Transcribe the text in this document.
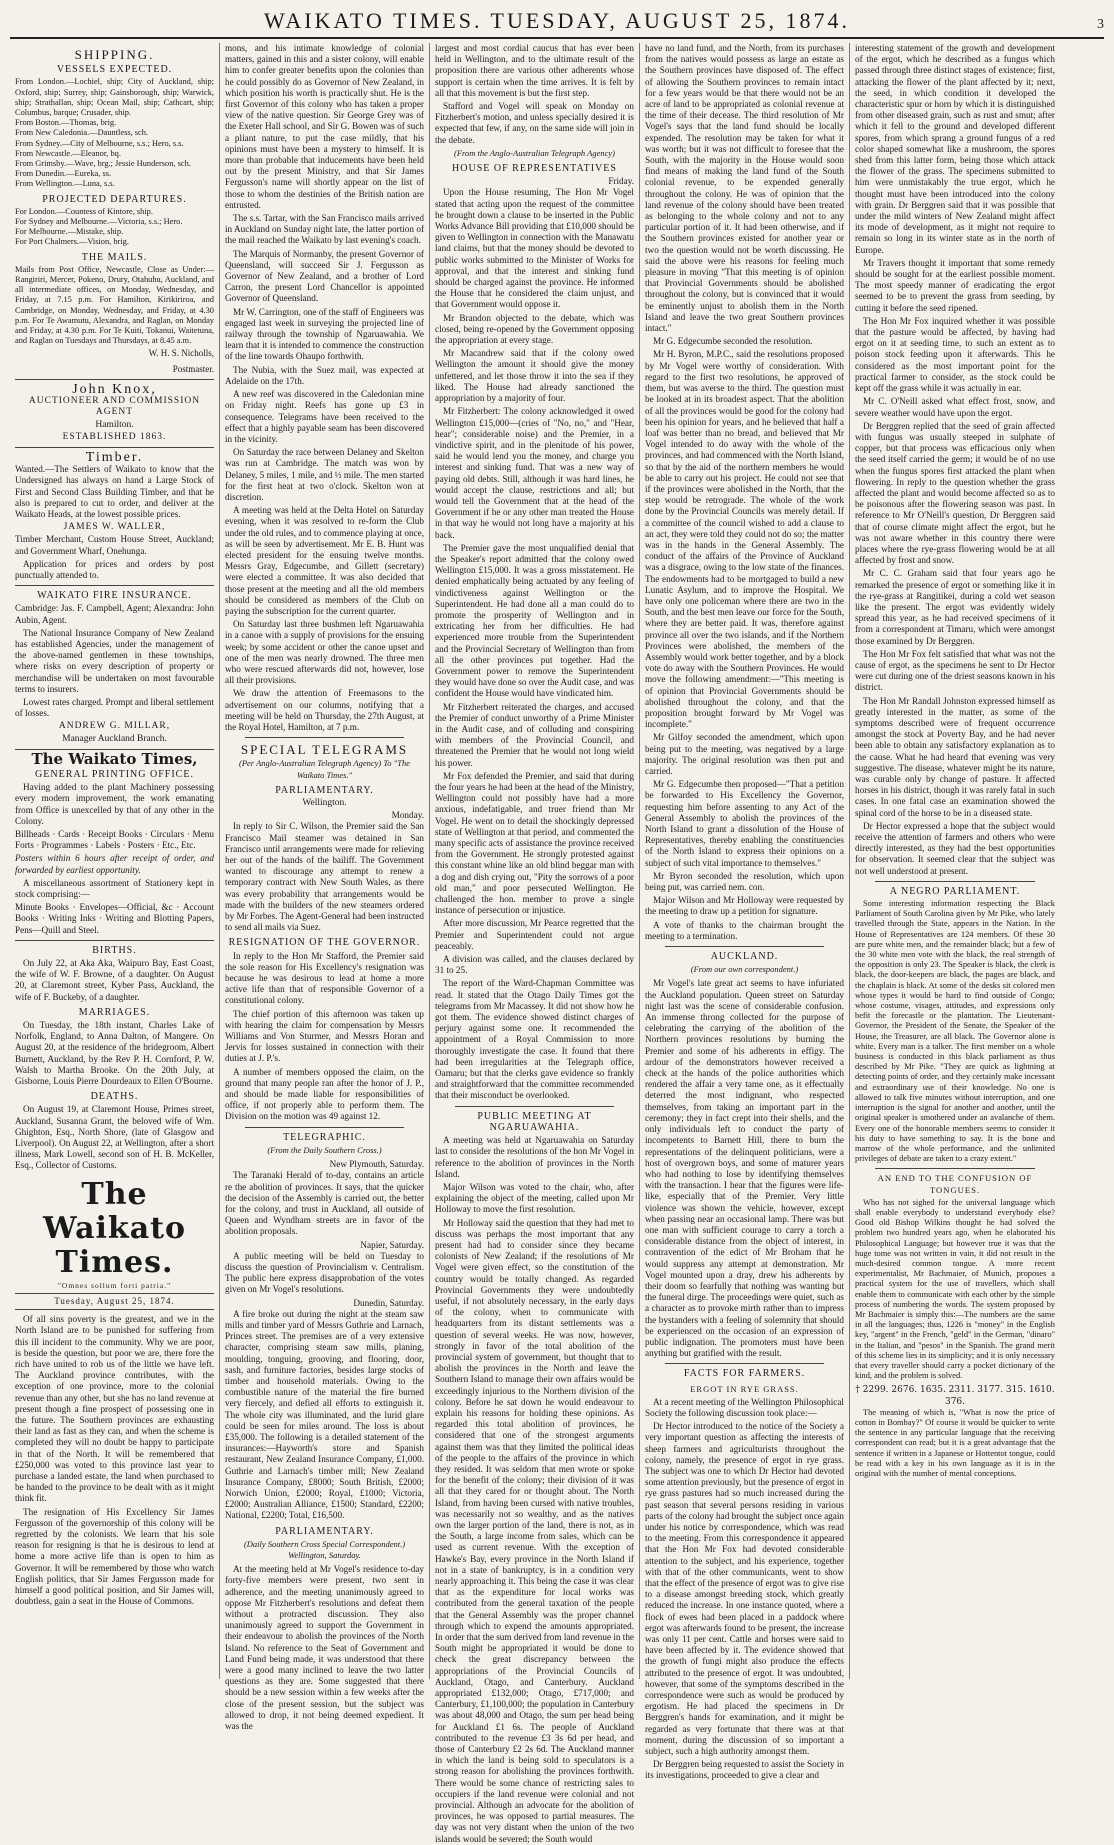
WAIKATO TIMES. TUESDAY, AUGUST 25, 1874.	3
SHIPPING.
VESSELS EXPECTED.
From London.—Lochiel, ship; City of Auckland, ship; Oxford, ship; Surrey, ship; Gainsborough, ship; Warwick, ship; Strathallan, ship; Ocean Mail, ship; Cathcart, ship; Columbus, barque; Crusader, ship.
From Boston.—Thomas, brig.
From New Caledonia.—Dauntless, sch.
From Sydney.—City of Melbourne, s.s.; Hero, s.s.
From Newcastle.—Eleanor, bq.
From Grimsby.—Wave, brg.; Jessie Hunderson, sch.
From Dunedin.—Eureka, ss.
From Wellington.—Luna, s.s.
PROJECTED DEPARTURES.
For London.—Countess of Kintore, ship.
For Sydney and Melbourne.—Victoria, s.s.; Hero.
For Melbourne.—Mistake, ship.
For Port Chalmers.—Vision, brig.
THE MAILS.

Mails from Post Office, Newcastle, Close as Under:— Rangiriri, Mercer, Pokeno, Drury, Otahuhu, Auckland, and all intermediate offices, on Monday, Wednesday, and Friday, at 7.15 p.m. For Hamilton, Kirikiriroa, and Cambridge, on Monday, Wednesday, and Friday, at 4.30 p.m. For Te Awamutu, Alexandra, and Raglan, on Monday and Friday, at 4.30 p.m. For Te Kuiti, Tokanui, Waitetuna, and Raglan on Tuesdays and Thursdays, at 8.45 a.m.

W. H. S. Nicholls,
Postmaster.
John Knox,
AUCTIONEER AND COMMISSION AGENT
Hamilton.
ESTABLISHED 1863.
Timber.

Wanted.—The Settlers of Waikato to know that the Undersigned has always on hand a Large Stock of First and Second Class Building Timber, and that he also is prepared to cut to order, and deliver at the Waikato Heads, at the lowest possible prices.

JAMES W. WALLER,

Timber Merchant, Custom House Street, Auckland; and Government Wharf, Onehunga.

Application for prices and orders by post punctually attended to.

WAIKATO FIRE INSURANCE.

Cambridge: Jas. F. Campbell, Agent; Alexandra: John Aubin, Agent.

The National Insurance Company of New Zealand has established Agencies, under the management of the above-named gentlemen in these townships, where risks on every description of property or merchandise will be undertaken on most favourable terms to insurers.

Lowest rates charged. Prompt and liberal settlement of losses.

ANDREW G. MILLAR,
Manager Auckland Branch.
The Waikato Times,
GENERAL PRINTING OFFICE.

Having added to the plant Machinery possessing every modern improvement, the work emanating from Office is unexcelled by that of any other in the Colony.

Billheads · Cards · Receipt Books · Circulars · Menu Forts · Programmes · Labels · Posters · Etc., Etc.

Posters within 6 hours after receipt of order, and forwarded by earliest opportunity.

A miscellaneous assortment of Stationery kept in stock comprising:—

Minute Books · Envelopes—Official, &c · Account Books · Writing Inks · Writing and Blotting Papers, Pens—Quill and Steel.

BIRTHS.

On July 22, at Aka Aka, Waipuro Bay, East Coast, the wife of W. F. Browne, of a daughter. On August 20, at Claremont street, Kyber Pass, Auckland, the wife of F. Buckeby, of a daughter.

MARRIAGES.

On Tuesday, the 18th instant, Charles Lake of Norfolk, England, to Anna Dalton, of Mangere. On August 20, at the residence of the bridegroom, Albert Burnett, Auckland, by the Rev P. H. Cornford, P. W. Walsh to Martha Brooke. On the 20th July, at Gisborne, Louis Pierre Dourdeaux to Ellen O'Bourne.

DEATHS.

On August 19, at Claremont House, Primes street, Auckland, Susanna Grant, the beloved wife of Wm. Ghighton, Esq., North Shore, (late of Glasgow and Liverpool). On August 22, at Wellington, after a short illness, Mark Lowell, second son of H. B. McKeller, Esq., Collector of Customs.

The Waikato Times.
"Omnes sollum forti patria."
Tuesday, August 25, 1874.

Of all sins poverty is the greatest, and we in the North Island are to be punished for suffering from this ill incident to the community. Why we are poor, is beside the question, but poor we are, there fore the rich have united to rob us of the little we have left. The Auckland province contributes, with the exception of one province, more to the colonial revenue than any other, but she has no land revenue at present though a fine prospect of possessing one in the future. The Southern provinces are exhausting their land as fast as they can, and when the scheme is completed they will no doubt be happy to participate in that of the North. It will be remembered that £250,000 was voted to this province last year to purchase a landed estate, the land when purchased to be handed to the province to be dealt with as it might think fit.

The resignation of His Excellency Sir James Fergusson of the governorship of this colony will be regretted by the colonists. We learn that his sole reason for resigning is that he is desirous to lend at home a more active life than is open to him as Governor. It will be remembered by those who watch English politics, that Sir James Fergusson made for himself a good political position, and Sir James will, doubtless, gain a seat in the House of Commons.

mons, and his intimate knowledge of colonial matters, gained in this and a sister colony, will enable him to confer greater benefits upon the colonies than he could possibly do as Governor of New Zealand, in which position his worth is practically shut. He is the first Governor of this colony who has taken a proper view of the native question. Sir George Grey was of the Exeter Hall school, and Sir G. Bowen was of such a pliant nature, to put the case mildly, that his opinions must have been a mystery to himself. It is more than probable that inducements have been held out by the present Ministry, and that Sir James Fergusson's name will shortly appear on the list of those to whom the destinies of the British nation are entrusted.

The s.s. Tartar, with the San Francisco mails arrived in Auckland on Sunday night late, the latter portion of the mail reached the Waikato by last evening's coach.

The Marquis of Normanby, the present Governor of Queensland, will succeed Sir J. Fergusson as Governor of New Zealand, and a brother of Lord Carron, the present Lord Chancellor is appointed Governor of Queensland.

Mr W. Carrington, one of the staff of Engineers was engaged last week in surveying the projected line of railway through the township of Ngaruawahia. We learn that it is intended to commence the construction of the line towards Ohaupo forthwith.

The Nubia, with the Suez mail, was expected at Adelaide on the 17th.

A new reef was discovered in the Caledonian mine on Friday night. Reefs has gone up £3 in consequence. Telegrams have been received to the effect that a highly payable seam has been discovered in the vicinity.

On Saturday the race between Delaney and Skelton was run at Cambridge. The match was won by Delaney, 5 miles, 1 mile, and ½ mile. The men started for the first heat at two o'clock. Skelton won at discretion.

A meeting was held at the Delta Hotel on Saturday evening, when it was resolved to re-form the Club under the old rules, and to commence playing at once, as will be seen by advertisement. Mr E. B. Hunt was elected president for the ensuing twelve months. Messrs Gray, Edgecumbe, and Gillett (secretary) were elected a committee. It was also decided that those present at the meeting and all the old members should be considered as members of the Club on paying the subscription for the current quarter.

On Saturday last three bushmen left Ngaruawahia in a canoe with a supply of provisions for the ensuing week; by some accident or other the canoe upset and one of the men was nearly drowned. The three men who were rescued afterwards did not, however, lose all their provisions.

We draw the attention of Freemasons to the advertisement on our columns, notifying that a meeting will be held on Thursday, the 27th August, at the Royal Hotel, Hamilton, at 7 p.m.

SPECIAL TELEGRAMS
(Per Anglo-Australian Telegraph Agency) To "The Waikato Times."
PARLIAMENTARY.
Wellington.
Monday.

In reply to Sir C. Wilson, the Premier said the San Francisco Mail steamer was detained in San Francisco until arrangements were made for relieving her out of the hands of the bailiff. The Government wanted to discourage any attempt to renew a temporary contract with New South Wales, as there was every probability that arrangements would be made with the builders of the new steamers ordered by Mr Forbes. The Agent-General had been instructed to send all mails via Suez.

RESIGNATION OF THE GOVERNOR.

In reply to the Hon Mr Stafford, the Premier said the sole reason for His Excellency's resignation was because he was desirous to lead at home a more active life than that of responsible Governor of a constitutional colony.

The chief portion of this afternoon was taken up with hearing the claim for compensation by Messrs Williams and Von Sturmer, and Messrs Horan and Jervis for losses sustained in connection with their duties at J. P.'s.

A number of members opposed the claim, on the ground that many people ran after the honor of J. P., and should be made liable for responsibilities of office, if not properly able to perform them. The Division on the motion was 49 against 12.

TELEGRAPHIC.
(From the Daily Southern Cross.)
New Plymouth, Saturday.

The Taranaki Herald of to-day, contains an article re the abolition of provinces. It says, that the quicker the decision of the Assembly is carried out, the better for the colony, and trust in Auckland, all outside of Queen and Wyndham streets are in favor of the abolition proposals.

Napier, Saturday.

A public meeting will be held on Tuesday to discuss the question of Provincialism v. Centralism. The public here express disapprobation of the votes given on Mr Vogel's resolutions.

Dunedin, Saturday.

A fire broke out during the night at the steam saw mills and timber yard of Messrs Guthrie and Larnach, Princes street. The premises are of a very extensive character, comprising steam saw mills, planing, moulding, tonguing, grooving, and flooring, door, sash, and furniture factories, besides large stocks of timber and household materials. Owing to the combustible nature of the material the fire burned very fiercely, and defied all efforts to extinguish it. The whole city was illuminated, and the lurid glare could be seen for miles around. The loss is about £35,000. The following is a detailed statement of the insurances:—Hayworth's store and Spanish restaurant, New Zealand Insurance Company, £1,000. Guthrie and Larnach's timber mill; New Zealand Insurance Company, £8000; South British, £2000; Norwich Union, £2000; Royal, £1000; Victoria, £2000; Australian Alliance, £1500; Standard, £2200; National, £2200; Total, £16,500.

PARLIAMENTARY.
(Daily Southern Cross Special Correspondent.) Wellington, Saturday.

At the meeting held at Mr Vogel's residence to-day forty-five members were present, two sent in adherence, and the meeting unanimously agreed to oppose Mr Fitzherbert's resolutions and defeat them without a protracted discussion. They also unanimously agreed to support the Government in their endeavour to abolish the provinces of the North Island. No reference to the Seat of Government and Land Fund being made, it was understood that there were a good many inclined to leave the two latter questions as they are. Some suggested that there should be a new session within a few weeks after the close of the present session, but the subject was allowed to drop, it not being deemed expedient. It was the

largest and most cordial caucus that has ever been held in Wellington, and to the ultimate result of the proposition there are various other adherents whose support is certain when the time arrives. It is felt by all that this movement is but the first step.

Stafford and Vogel will speak on Monday on Fitzherbert's motion, and unless specially desired it is expected that few, if any, on the same side will join in the debate.

(From the Anglo-Australian Telegraph Agency)
HOUSE OF REPRESENTATIVES
Friday.

Upon the House resuming, The Hon Mr Vogel stated that acting upon the request of the committee he brought down a clause to be inserted in the Public Works Advance Bill providing that £10,000 should be given to Wellington in connection with the Manawatu land claims, but that the money should be devoted to public works submitted to the Minister of Works for approval, and that the interest and sinking fund should be charged against the province. He informed the House that he considered the claim unjust, and that Government would oppose it.

Mr Brandon objected to the debate, which was closed, being re-opened by the Government opposing the appropriation at every stage.

Mr Macandrew said that if the colony owed Wellington the amount it should give the money unfettered, and let those throw it into the sea if they liked. The House had already sanctioned the appropriation by a majority of four.

Mr Fitzherbert: The colony acknowledged it owed Wellington £15,000—(cries of "No, no," and "Hear, hear"; considerable noise) and the Premier, in a vindictive spirit, and in the plenitude of his power, said he would lend you the money, and charge you interest and sinking fund. That was a new way of paying old debts. Still, although it was hard lines, he would accept the clause, restrictions and all; but would tell the Government that at the head of the Government if he or any other man treated the House in that way he would not long have a majority at his back.

The Premier gave the most unqualified denial that the Speaker's report admitted that the colony owed Wellington £15,000. It was a gross misstatement. He denied emphatically being actuated by any feeling of vindictiveness against Wellington or the Superintendent. He had done all a man could do to promote the prosperity of Wellington and in extricating her from her difficulties. He had experienced more trouble from the Superintendent and the Provincial Secretary of Wellington than from all the other provinces put together. Had the Government power to remove the Superintendent they would have done so over the Audit case, and was confident the House would have vindicated him.

Mr Fitzherbert reiterated the charges, and accused the Premier of conduct unworthy of a Prime Minister in the Audit case, and of colluding and conspiring with members of the Provincial Council, and threatened the Premier that he would not long wield his power.

Mr Fox defended the Premier, and said that during the four years he had been at the head of the Ministry, Wellington could not possibly have had a more anxious, indefatigable, and truer friend than Mr Vogel. He went on to detail the shockingly depressed state of Wellington at that period, and commented the many specific acts of assistance the province received from the Government. He strongly protested against this constant whine like an old blind beggar man with a dog and dish crying out, "Pity the sorrows of a poor old man," and poor persecuted Wellington. He challenged the hon. member to prove a single instance of persecution or injustice.

After more discussion, Mr Pearce regretted that the Premier and Superintendent could not argue peaceably.

A division was called, and the clauses declared by 31 to 25.

The report of the Ward-Chapman Committee was read. It stated that the Otago Daily Times got the telegrams from Mr Macassey. It did not show how he got them. The evidence showed distinct charges of perjury against some one. It recommended the appointment of a Royal Commission to more thoroughly investigate the case. It found that there had been irregularities at the Telegraph office, Oamaru; but that the clerks gave evidence so frankly and straightforward that the committee recommended that their misconduct be overlooked.

PUBLIC MEETING AT NGARUAWAHIA.

A meeting was held at Ngaruawahia on Saturday last to consider the resolutions of the hon Mr Vogel in reference to the abolition of provinces in the North Island.

Major Wilson was voted to the chair, who, after explaining the object of the meeting, called upon Mr Holloway to move the first resolution.

Mr Holloway said the question that they had met to discuss was perhaps the most important that any present had had to consider since they became colonists of New Zealand; if the resolutions of Mr Vogel were given effect, so the constitution of the country would be totally changed. As regarded Provincial Governments they were undoubtedly useful, if not absolutely necessary, in the early days of the colony, when to communicate with headquarters from its distant settlements was a question of several weeks. He was now, however, strongly in favor of the total abolition of the provincial system of government, but thought that to abolish the provinces in the North and leave the Southern Island to manage their own affairs would be exceedingly injurious to the Northern division of the colony. Before he sat down he would endeavour to explain his reasons for holding these opinions. As regarded this total abolition of provinces, he considered that one of the strongest arguments against them was that they limited the political ideas of the people to the affairs of the province in which they resided. It was seldom that men wrote or spoke for the benefit of the colony; their division of it was all that they cared for or thought about. The North Island, from having been cursed with native troubles, was necessarily not so wealthy, and as the natives own the larger portion of the land, there is not, as in the South, a large income from sales, which can be used as current revenue. With the exception of Hawke's Bay, every province in the North Island if not in a state of bankruptcy, is in a condition very nearly approaching it. This being the case it was clear that as the expenditure for local works was contributed from the general taxation of the people that the General Assembly was the proper channel through which to expend the amounts appropriated. In order that the sum derived from land revenue in the South might be appropriated it would be done to check the great discrepancy between the appropriations of the Provincial Councils of Auckland, Otago, and Canterbury. Auckland appropriated £132,000; Otago, £717,000; and Canterbury, £1,100,000; the population in Canterbury was about 48,000 and Otago, the sum per head being for Auckland £1 6s. The people of Auckland contributed to the revenue £3 3s 6d per head, and those of Canterbury £2 2s 6d. The Auckland manner in which the land is being sold to speculators is a strong reason for abolishing the provinces forthwith. There would be some chance of restricting sales to occupiers if the land revenue were colonial and not provincial. Although an advocate for the abolition of provinces, he was opposed to partial measures. The day was not very distant when the union of the two islands would be severed; the South would

have no land fund, and the North, from its purchases from the natives would possess as large an estate as the Southern provinces have disposed of. The effect of allowing the Southern provinces to remain intact for a few years would be that there would not be an acre of land to be appropriated as colonial revenue at the time of their decease. The third resolution of Mr Vogel's says that the land fund should be locally expended. The resolution may be taken for what it was worth; but it was not difficult to foresee that the South, with the majority in the House would soon find means of making the land fund of the South colonial revenue, to be expended generally throughout the colony. He was of opinion that the land revenue of the colony should have been treated as belonging to the whole colony and not to any particular portion of it. It had been otherwise, and if the Southern provinces existed for another year or two the question would not be worth discussing. He said the above were his reasons for feeling much pleasure in moving "That this meeting is of opinion that Provincial Governments should be abolished throughout the colony, but is convinced that it would be eminently unjust to abolish them in the North Island and leave the two great Southern provinces intact."

Mr G. Edgecumbe seconded the resolution.

Mr H. Byron, M.P.C., said the resolutions proposed by Mr Vogel were worthy of consideration. With regard to the first two resolutions, he approved of them, but was averse to the third. The question must be looked at in its broadest aspect. That the abolition of all the provinces would be good for the colony had been his opinion for years, and he believed that half a loaf was better than no bread, and believed that Mr Vogel intended to do away with the whole of the provinces, and had commenced with the North Island, so that by the aid of the northern members he would be able to carry out his project. He could not see that if the provinces were abolished in the North, that the step would be retrograde. The whole of the work done by the Provincial Councils was merely detail. If a committee of the council wished to add a clause to an act, they were told they could not do so; the matter was in the hands in the General Assembly. The conduct of the affairs of the Province of Auckland was a disgrace, owing to the low state of the finances. The endowments had to be mortgaged to build a new Lunatic Asylum, and to improve the Hospital. We have only one policeman where there are two in the South, and the best men leave our force for the South, where they are better paid. It was, therefore against province all over the two islands, and if the Northern Provinces were abolished, the members of the Assembly would work better together, and by a block vote do away with the Southern Provinces. He would move the following amendment:—"This meeting is of opinion that Provincial Governments should be abolished throughout the colony, and that the proposition brought forward by Mr Vogel was incomplete."

Mr Gilfoy seconded the amendment, which upon being put to the meeting, was negatived by a large majority. The original resolution was then put and carried.

Mr G. Edgecumbe then proposed—"That a petition be forwarded to His Excellency the Governor, requesting him before assenting to any Act of the General Assembly to abolish the provinces of the North Island to grant a dissolution of the House of Representatives, thereby enabling the constituencies of the North Island to express their opinions on a subject of such vital importance to themselves."

Mr Byron seconded the resolution, which upon being put, was carried nem. con.

Major Wilson and Mr Holloway were requested by the meeting to draw up a petition for signature.

A vote of thanks to the chairman brought the meeting to a termination.

AUCKLAND.
(From our own correspondent.)

Mr Vogel's late great act seems to have infuriated the Auckland population. Queen street on Saturday night last was the scene of considerable confusion. An immense throng collected for the purpose of celebrating the carrying of the abolition of the Northern provinces resolutions by burning the Premier and some of his adherents in effigy. The ardour of the demonstrators however received a check at the hands of the police authorities which rendered the affair a very tame one, as it effectually deterred the most indignant, who respected themselves, from taking an important part in the ceremony; they in fact crept into their shells, and the only individuals left to conduct the party of incompetents to Barnett Hill, there to burn the representations of the delinquent politicians, were a host of overgrown boys, and some of maturer years who had nothing to lose by identifying themselves with the transaction. I hear that the figures were life-like, especially that of the Premier. Very little violence was shown the vehicle, however, except when passing near an occasional lamp. There was but one man with sufficient courage to carry a torch a considerable distance from the object of interest, in contravention of the edict of Mr Broham that he would suppress any attempt at demonstration. Mr Vogel mounted upon a dray, drew his adherents by their doom so fearfully that nothing was wanting but the funeral dirge. The proceedings were quiet, such as a character as to provoke mirth rather than to impress the bystanders with a feeling of solemnity that should be experienced on the occasion of an expression of public indignation. The promoters must have been anything but gratified with the result.

FACTS FOR FARMERS.
ERGOT IN RYE GRASS.

At a recent meeting of the Wellington Philosophical Society the following discussion took place:—

Dr Hector introduced to the notice of the Society a very important question as affecting the interests of sheep farmers and agriculturists throughout the colony, namely, the presence of ergot in rye grass. The subject was one to which Dr Hector had devoted some attention previously, but the presence of ergot in rye grass pastures had so much increased during the past season that several persons residing in various parts of the colony had brought the subject once again under his notice by correspondence, which was read to the meeting. From this correspondence it appeared that the Hon Mr Fox had devoted considerable attention to the subject, and his experience, together with that of the other communicants, went to show that the effect of the presence of ergot was to give rise to a disease amongst breeding stock, which greatly reduced the increase. In one instance quoted, where a flock of ewes had been placed in a paddock where ergot was afterwards found to be present, the increase was only 11 per cent. Cattle and horses were said to have been affected by it. The evidence showed that the growth of fungi might also produce the effects attributed to the presence of ergot. It was undoubted, however, that some of the symptoms described in the correspondence were such as would be produced by ergotism. He had placed the specimens in Dr Berggren's hands for examination, and it might be regarded as very fortunate that there was at that moment, during the discussion of so important a subject, such a high authority amongst them.

Dr Berggren being requested to assist the Society in its investigations, proceeded to give a clear and

interesting statement of the growth and development of the ergot, which he described as a fungus which passed through three distinct stages of existence; first, attacking the flower of the plant affected by it; next, the seed, in which condition it developed the characteristic spur or horn by which it is distinguished from other diseased grain, such as rust and smut; after which it fell to the ground and developed different spores, from which sprang a ground fungus of a red color shaped somewhat like a mushroom, the spores shed from this latter form, being those which attack the flower of the grass. The specimens submitted to him were unmistakably the true ergot, which he thought must have been introduced into the colony with grain. Dr Berggren said that it was possible that under the mild winters of New Zealand might affect its mode of development, as it might not require to remain so long in its winter state as in the north of Europe.

Mr Travers thought it important that some remedy should be sought for at the earliest possible moment. The most speedy manner of eradicating the ergot seemed to be to prevent the grass from seeding, by cutting it before the seed ripened.

The Hon Mr Fox inquired whether it was possible that the pasture would be affected, by having had ergot on it at seeding time, to such an extent as to poison stock feeding upon it afterwards. This he considered as the most important point for the practical farmer to consider, as the stock could be kept off the grass while it was actually in ear.

Mr C. O'Neill asked what effect frost, snow, and severe weather would have upon the ergot.

Dr Berggren replied that the seed of grain affected with fungus was usually steeped in sulphate of copper, but that process was efficacious only when the seed itself carried the germ; it would be of no use when the fungus spores first attacked the plant when flowering. In reply to the question whether the grass affected the plant and would become affected so as to be poisonous after the flowering season was past. In reference to Mr O'Neill's question, Dr Berggren said that of course climate might affect the ergot, but he was not aware whether in this country there were places where the rye-grass flowering would be at all affected by frost and snow.

Mr C. C. Graham said that four years ago he remarked the presence of ergot or something like it in the rye-grass at Rangitikei, during a cold wet season like the present. The ergot was evidently widely spread this year, as he had received specimens of it from a correspondent at Timaru, which were amongst those examined by Dr Berggren.

The Hon Mr Fox felt satisfied that what was not the cause of ergot, as the specimens he sent to Dr Hector were cut during one of the driest seasons known in his district.

The Hon Mr Randall Johnston expressed himself as greatly interested in the matter, as some of the symptoms described were of frequent occurrence amongst the stock at Poverty Bay, and he had never been able to obtain any satisfactory explanation as to the cause. What he had heard that evening was very suggestive. The disease, whatever might be its nature, was curable only by change of pasture. It affected horses in his district, though it was rarely fatal in such cases. In one fatal case an examination showed the spinal cord of the horse to be in a diseased state.

Dr Hector expressed a hope that the subject would receive the attention of farmers and others who were directly interested, as they had the best opportunities for observation. It seemed clear that the subject was not well understood at present.

A NEGRO PARLIAMENT.

Some interesting information respecting the Black Parliament of South Carolina given by Mr Pike, who lately travelled through the State, appears in the Nation. In the House of Representatives are 124 members. Of these 30 are pure white men, and the remainder black; but a few of the 30 white men vote with the black, the real strength of the opposition is only 23. The Speaker is black, the clerk is black, the door-keepers are black, the pages are black, and the chaplain is black. At some of the desks sit colored men whose types it would be hard to find outside of Congo; whose costume, visages, attitudes, and expressions only befit the forecastle or the plantation. The Lieutenant-Governor, the President of the Senate, the Speaker of the House, the Treasurer, are all black. The Governor alone is white. Every man is a talker. The first member on a whole business is conducted in this black parliament as thus described by Mr Pike. "They are quick as lightning at detecting points of order, and they certainly make incessant and extraordinary use of their knowledge. No one is allowed to talk five minutes without interruption, and one interruption is the signal for another and another, until the original speaker is smothered under an avalanche of them. Every one of the honorable members seems to consider it his duty to have something to say. It is the bone and marrow of the whole performance, and the unlimited privileges of debate are taken to a crazy extent."

AN END TO THE CONFUSION OF TONGUES.

Who has not sighed for the universal language which shall enable everybody to understand everybody else? Good old Bishop Wilkins thought he had solved the problem two hundred years ago, when he elaborated his Philosophical Language; but however true it was that the huge tome was not written in vain, it did not result in the much-desired common tongue. A more recent experimentalist, Mr Bachmaier, of Munich, proposes a practical system for the use of travellers, which shall enable them to communicate with each other by the simple process of numbering the words. The system proposed by Mr Bachmaier is simply this:—The numbers are the same in all the languages; thus, 1226 is "money" in the English key, "argent" in the French, "geld" in the German, "dinaro" in the Italian, and "pesos" in the Spanish. The grand merit of this scheme lies in its simplicity; and it is only necessary that every traveller should carry a pocket dictionary of the kind, and the problem is solved.

† 2299. 2676. 1635. 2311. 3177. 315. 1610. 376.

The meaning of which is, "What is now the price of cotton in Bombay?" Of course it would be quicker to write the sentence in any particular language that the receiving correspondent can read; but it is a great advantage that the sentence if written in a Japanese or Hottentot tongue, could be read with a key in his own language as it is in the original with the number of mental conceptions.
